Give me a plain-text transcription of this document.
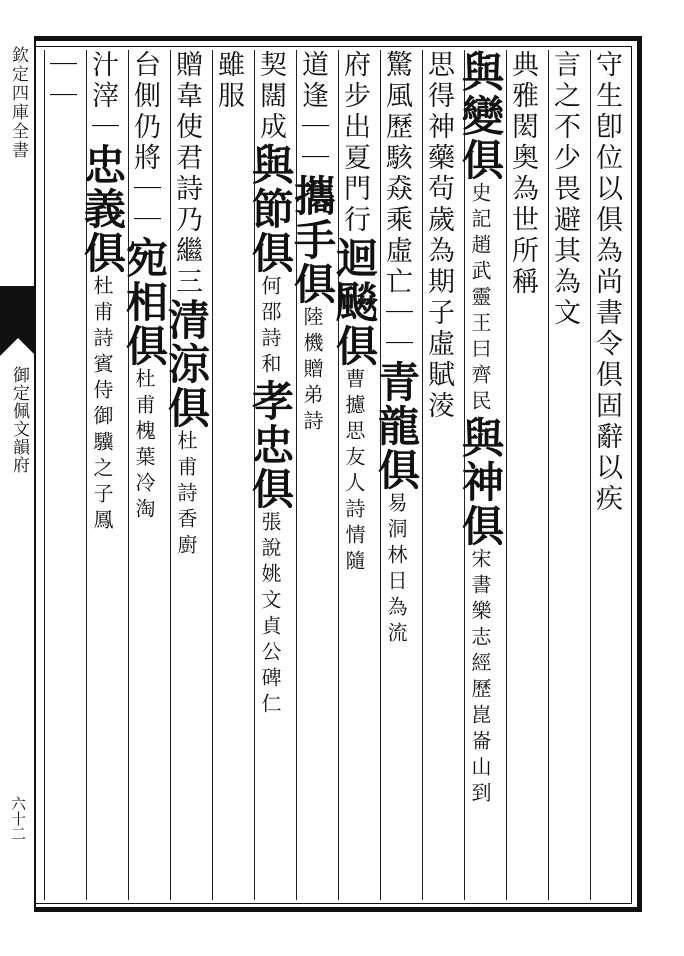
欽定四庫全書
御定佩文韻府
六十二
守生卽位以俱為尚書令俱固辭以疾
言之不少畏避其為文
典雅閎奥為世所稱
與變俱史記趙武靈王曰齊民與神俱宋書樂志經歷崑崙山到
思得神藥茍歲為期子虛賦淩
驚風歷駭猋乘虛亡｜｜青龍俱易洞林日為流
府步出夏門行迴飈俱曹攄思友人詩情隨
道逢｜｜攜手俱陸機贈弟詩
契闊成與節俱何邵詩和孝忠俱張說姚文貞公碑仁
雖服
贈韋使君詩乃繼三清涼俱杜甫詩香廚
台側仍將｜｜宛相俱杜甫槐葉冷淘
汁滓｜忠義俱杜甫詩賓侍御驥之子鳳
｜｜
